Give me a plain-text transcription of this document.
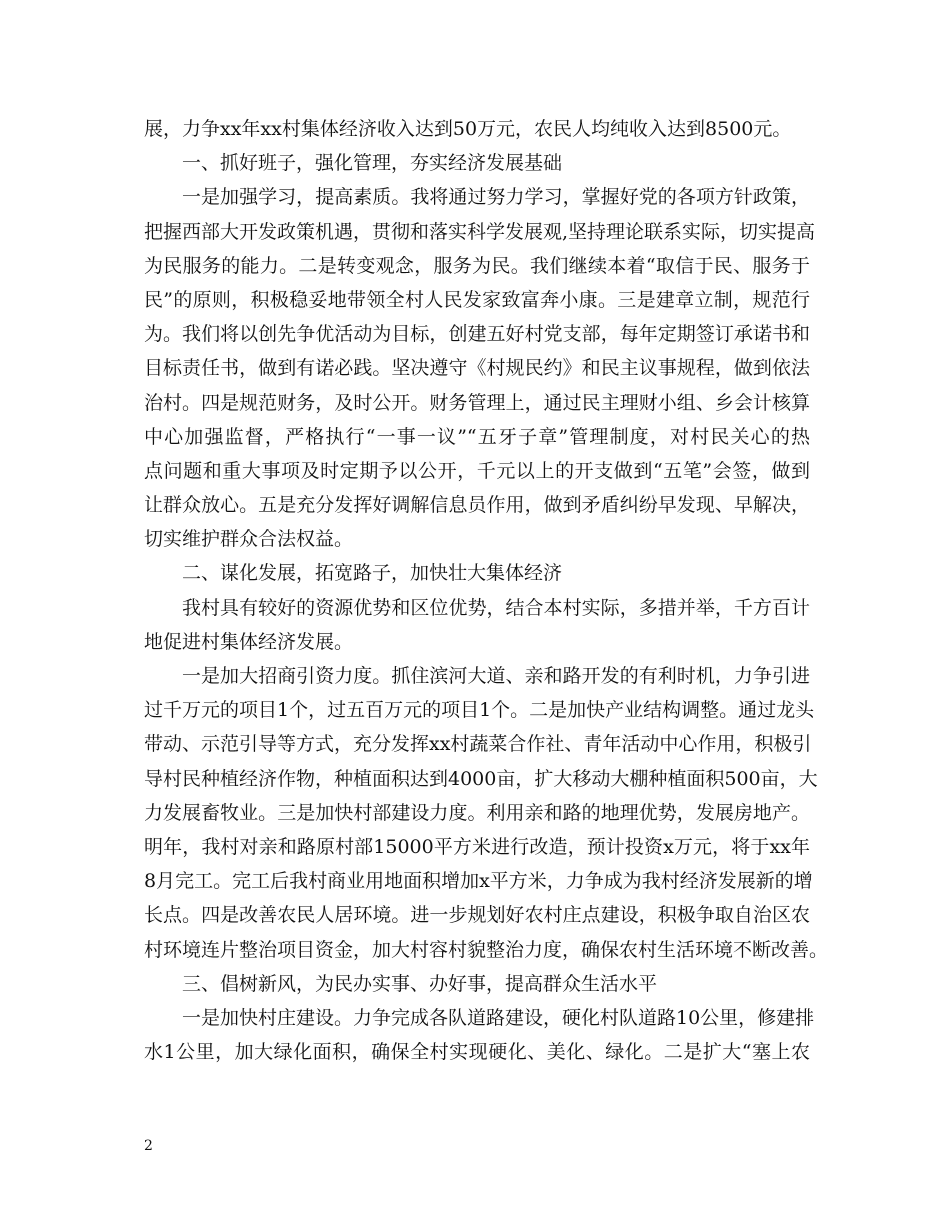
展，力争xx年xx村集体经济收入达到50万元，农民人均纯收入达到8500元。
一、抓好班子，强化管理，夯实经济发展基础
一是加强学习，提高素质。我将通过努力学习，掌握好党的各项方针政策，
把握西部大开发政策机遇，贯彻和落实科学发展观,坚持理论联系实际，切实提高
为民服务的能力。二是转变观念，服务为民。我们继续本着“取信于民、服务于
民”的原则，积极稳妥地带领全村人民发家致富奔小康。三是建章立制，规范行
为。我们将以创先争优活动为目标，创建五好村党支部，每年定期签订承诺书和
目标责任书，做到有诺必践。坚决遵守《村规民约》和民主议事规程，做到依法
治村。四是规范财务，及时公开。财务管理上，通过民主理财小组、乡会计核算
中心加强监督，严格执行“一事一议”“五牙子章”管理制度，对村民关心的热
点问题和重大事项及时定期予以公开，千元以上的开支做到“五笔”会签，做到
让群众放心。五是充分发挥好调解信息员作用，做到矛盾纠纷早发现、早解决，
切实维护群众合法权益。
二、谋化发展，拓宽路子，加快壮大集体经济
我村具有较好的资源优势和区位优势，结合本村实际，多措并举，千方百计
地促进村集体经济发展。
一是加大招商引资力度。抓住滨河大道、亲和路开发的有利时机，力争引进
过千万元的项目1个，过五百万元的项目1个。二是加快产业结构调整。通过龙头
带动、示范引导等方式，充分发挥xx村蔬菜合作社、青年活动中心作用，积极引
导村民种植经济作物，种植面积达到4000亩，扩大移动大棚种植面积500亩，大
力发展畜牧业。三是加快村部建设力度。利用亲和路的地理优势，发展房地产。
明年，我村对亲和路原村部15000平方米进行改造，预计投资x万元，将于xx年
8月完工。完工后我村商业用地面积增加x平方米，力争成为我村经济发展新的增
长点。四是改善农民人居环境。进一步规划好农村庄点建设，积极争取自治区农
村环境连片整治项目资金，加大村容村貌整治力度，确保农村生活环境不断改善。
三、倡树新风，为民办实事、办好事，提高群众生活水平
一是加快村庄建设。力争完成各队道路建设，硬化村队道路10公里，修建排
水1公里，加大绿化面积，确保全村实现硬化、美化、绿化。二是扩大“塞上农
2
